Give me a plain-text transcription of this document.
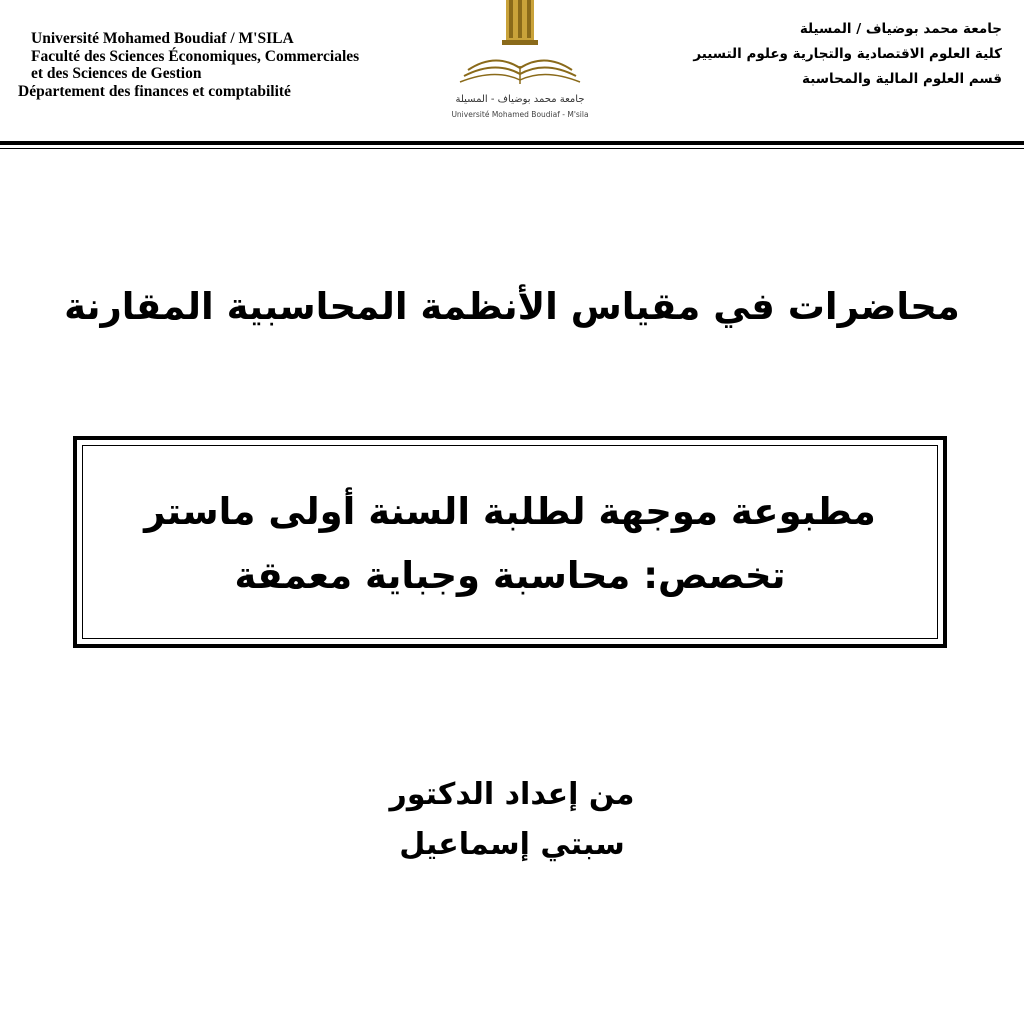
Université Mohamed Boudiaf / M'SILA
Faculté des Sciences Économiques, Commerciales
et des Sciences de Gestion
Département des finances et comptabilité	جامعة محمد بوضياف - المسيلة
Université Mohamed Boudiaf - M'sila
جامعة محمد بوضياف / المسيلة
كلية العلوم الاقتصادية والتجارية وعلوم التسيير
قسم العلوم المالية والمحاسبة
محاضرات في مقياس الأنظمة المحاسبية المقارنة
مطبوعة موجهة لطلبة السنة أولى ماستر
تخصص: محاسبة وجباية معمقة
من إعداد الدكتور
سبتي إسماعيل
